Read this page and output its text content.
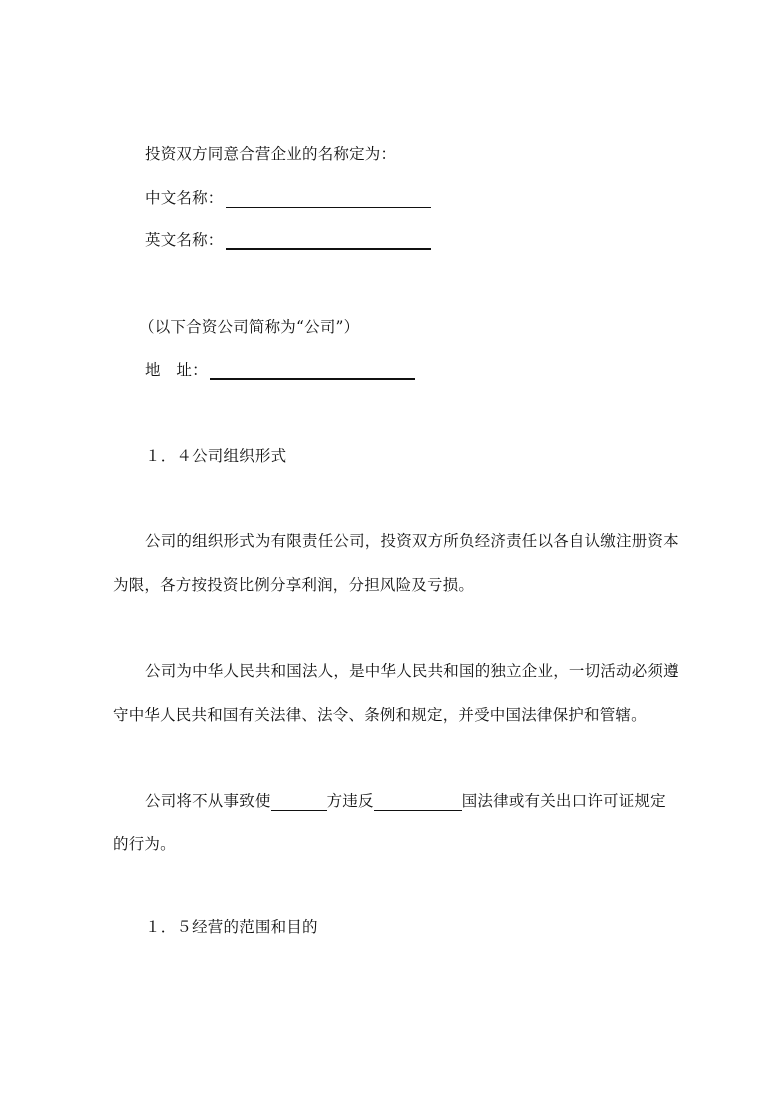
投资双方同意合营企业的名称定为：
中文名称：
英文名称：
（以下合资公司简称为“公司”）
地　址：
１．４公司组织形式
公司的组织形式为有限责任公司，投资双方所负经济责任以各自认缴注册资本
为限，各方按投资比例分享利润，分担风险及亏损。
公司为中华人民共和国法人，是中华人民共和国的独立企业，一切活动必须遵
守中华人民共和国有关法律、法令、条例和规定，并受中国法律保护和管辖。
公司将不从事致使	方违反	国法律或有关出口许可证规定
的行为。
１．５经营的范围和目的
